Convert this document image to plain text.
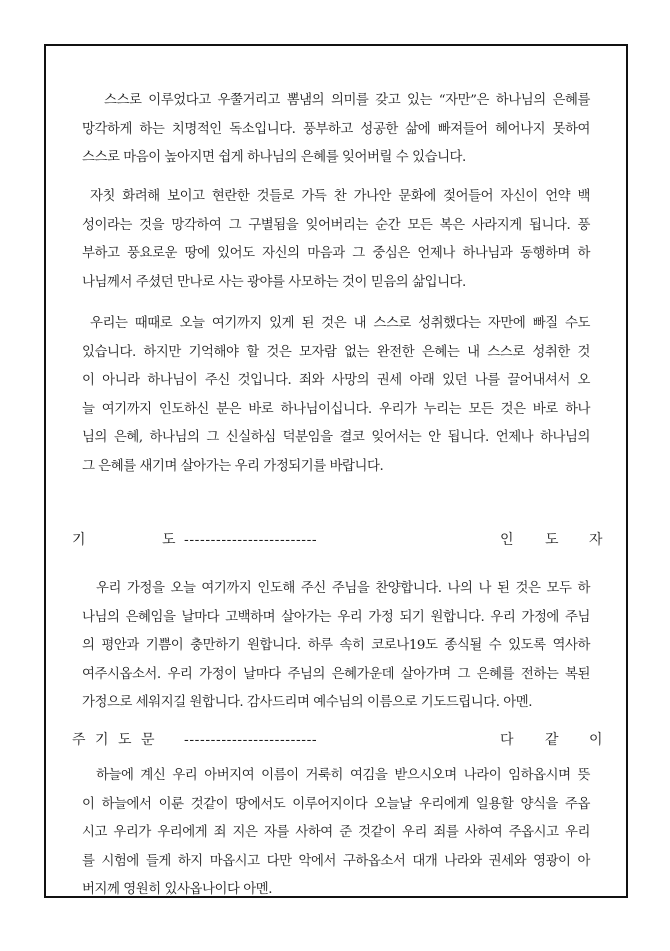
스스로 이루었다고 우쭐거리고 뽐냄의 의미를 갖고 있는 “자만”은 하나님의 은혜를
망각하게 하는 치명적인 독소입니다. 풍부하고 성공한 삶에 빠져들어 헤어나지 못하여
스스로 마음이 높아지면 쉽게 하나님의 은혜를 잊어버릴 수 있습니다.
자칫 화려해 보이고 현란한 것들로 가득 찬 가나안 문화에 젖어들어 자신이 언약 백
성이라는 것을 망각하여 그 구별됨을 잊어버리는 순간 모든 복은 사라지게 됩니다. 풍
부하고 풍요로운 땅에 있어도 자신의 마음과 그 중심은 언제나 하나님과 동행하며 하
나님께서 주셨던 만나로 사는 광야를 사모하는 것이 믿음의 삶입니다.
우리는 때때로 오늘 여기까지 있게 된 것은 내 스스로 성취했다는 자만에 빠질 수도
있습니다. 하지만 기억해야 할 것은 모자람 없는 완전한 은혜는 내 스스로 성취한 것
이 아니라 하나님이 주신 것입니다. 죄와 사망의 권세 아래 있던 나를 끌어내셔서 오
늘 여기까지 인도하신 분은 바로 하나님이십니다. 우리가 누리는 모든 것은 바로 하나
님의 은혜, 하나님의 그 신실하심 덕분임을 결코 잊어서는 안 됩니다. 언제나 하나님의
그 은혜를 새기며 살아가는 우리 가정되기를 바랍니다.
기	도 -------------------------	인 도 자
우리 가정을 오늘 여기까지 인도해 주신 주님을 찬양합니다. 나의 나 된 것은 모두 하
나님의 은혜임을 날마다 고백하며 살아가는 우리 가정 되기 원합니다. 우리 가정에 주님
의 평안과 기쁨이 충만하기 원합니다. 하루 속히 코로나19도 종식될 수 있도록 역사하
여주시옵소서. 우리 가정이 날마다 주님의 은혜가운데 살아가며 그 은혜를 전하는 복된
가정으로 세워지길 원합니다. 감사드리며 예수님의 이름으로 기도드립니다. 아멘.
주 기 도 문 -------------------------	다 같 이
하늘에 계신 우리 아버지여 이름이 거룩히 여김을 받으시오며 나라이 임하옵시며 뜻
이 하늘에서 이룬 것같이 땅에서도 이루어지이다 오늘날 우리에게 일용할 양식을 주옵
시고 우리가 우리에게 죄 지은 자를 사하여 준 것같이 우리 죄를 사하여 주옵시고 우리
를 시험에 들게 하지 마옵시고 다만 악에서 구하옵소서 대개 나라와 권세와 영광이 아
버지께 영원히 있사옵나이다 아멘.
